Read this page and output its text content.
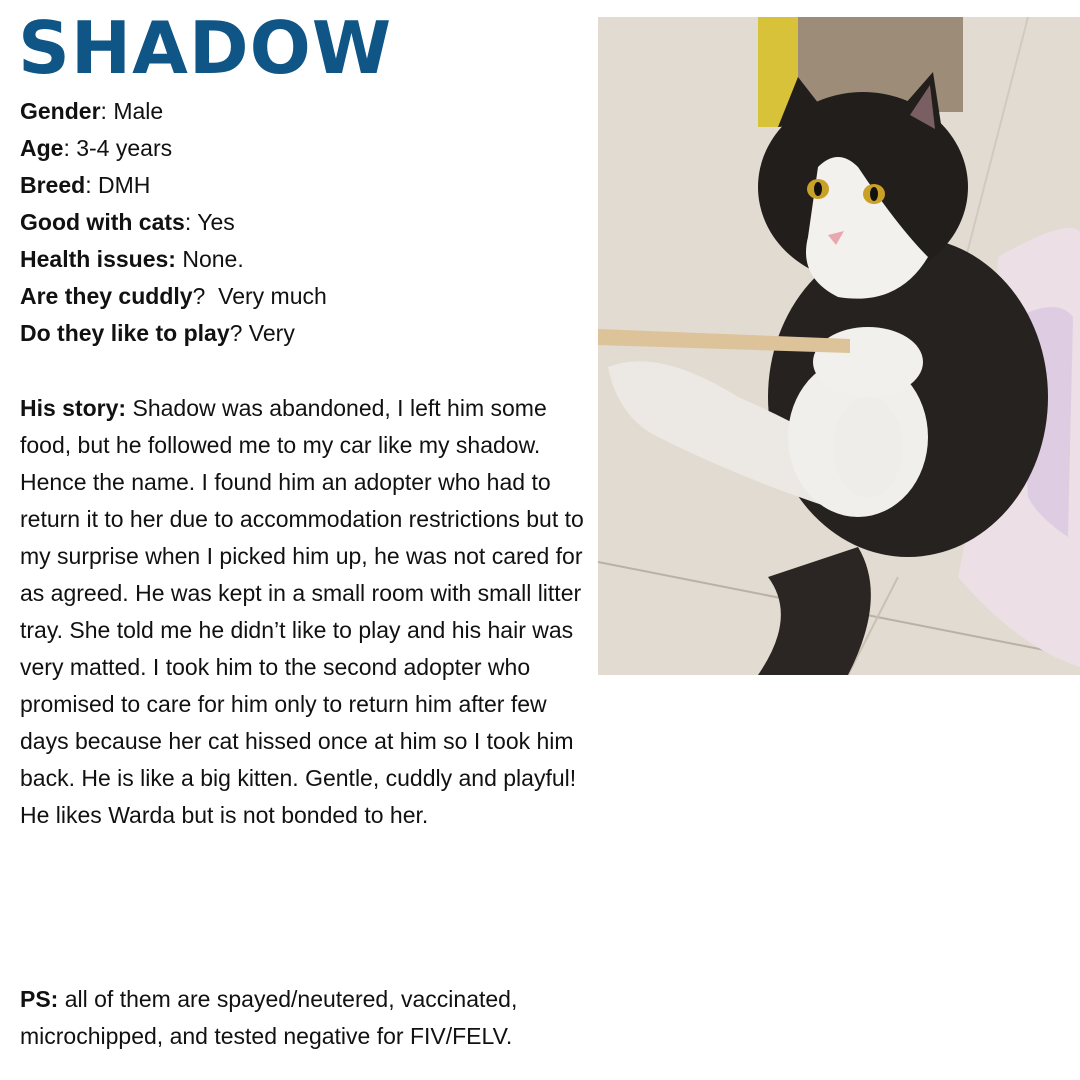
SHADOW
Gender: Male
Age: 3-4 years
Breed: DMH
Good with cats: Yes
Health issues: None.
Are they cuddly?  Very much
Do they like to play? Very

His story: Shadow was abandoned, I left him some food, but he followed me to my car like my shadow. Hence the name. I found him an adopter who had to return it to her due to accommodation restrictions but to my surprise when I picked him up, he was not cared for as agreed. He was kept in a small room with small litter tray. She told me he didn’t like to play and his hair was very matted. I took him to the second adopter who promised to care for him only to return him after few days because her cat hissed once at him so I took him back. He is like a big kitten. Gentle, cuddly and playful! He likes Warda but is not bonded to her.

PS: all of them are spayed/neutered, vaccinated, microchipped, and tested negative for FIV/FELV.
